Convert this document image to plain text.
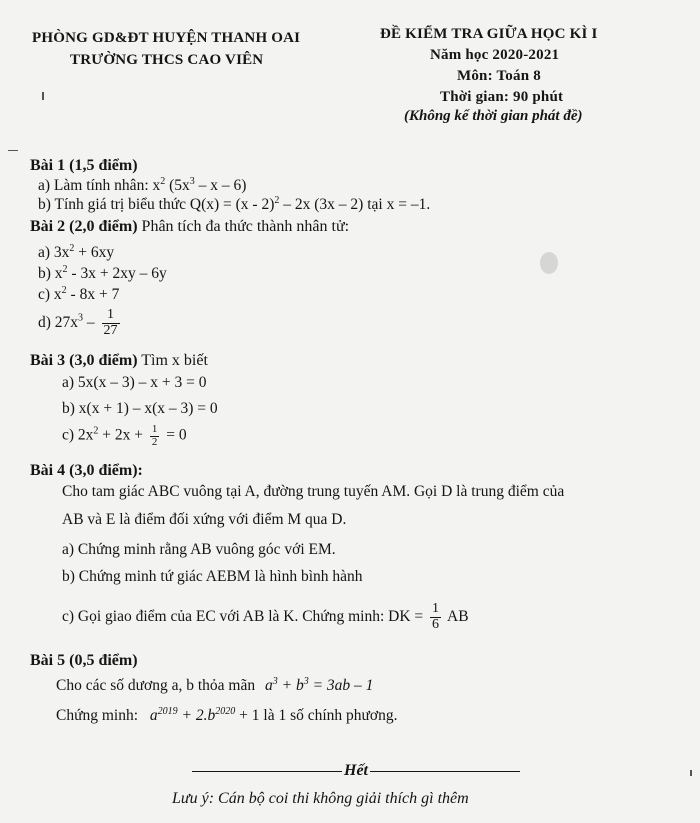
PHÒNG GD&ĐT HUYỆN THANH OAI
TRƯỜNG THCS CAO VIÊN
ĐỀ KIỂM TRA GIỮA HỌC KÌ I
Năm học 2020-2021
Môn: Toán 8
Thời gian: 90 phút
(Không kể thời gian phát đề)
Bài 1 (1,5 điểm)
a) Làm tính nhân: $x^2$ ($5x^3$ – x – 6)
b) Tính giá trị biểu thức Q(x) = (x - 2)$^2$ – 2x (3x – 2) tại x = –1.
Bài 2 (2,0 điểm) Phân tích đa thức thành nhân tử:
a) $3x^2 + 6xy$
b) $x^2 - 3x + 2xy - 6y$
c) $x^2 - 8x + 7$
d) $27x^3 - \frac{1}{27}$
Bài 3 (3,0 điểm) Tìm x biết
a) 5x(x – 3) – x + 3 = 0
b) x(x + 1) – x(x – 3) = 0
c) $2x^2 + 2x + \frac{1}{2} = 0$
Bài 4 (3,0 điểm):
Cho tam giác ABC vuông tại A, đường trung tuyến AM. Gọi D là trung điểm của
AB và E là điểm đối xứng với điểm M qua D.
a) Chứng minh rằng AB vuông góc với EM.
b) Chứng minh tứ giác AEBM là hình bình hành
c) Gọi giao điểm của EC với AB là K. Chứng minh: DK = $\frac{1}{6}$ AB
Bài 5 (0,5 điểm)
Cho các số dương a, b thỏa mãn $a^3 + b^3 = 3ab - 1$
Chứng minh: $a^{2019} + 2.b^{2020} + 1$ là 1 số chính phương.
Hết
Lưu ý: Cán bộ coi thi không giải thích gì thêm
